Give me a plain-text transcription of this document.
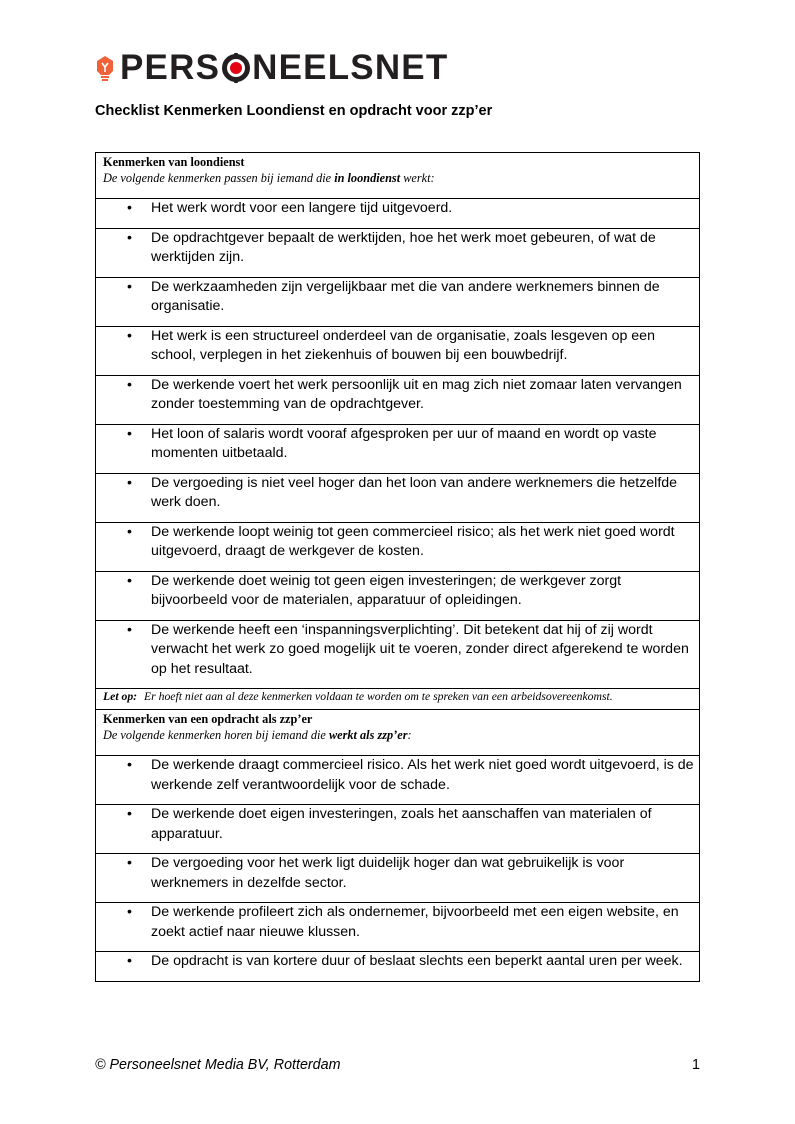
PERS NEELSNET
Checklist Kenmerken Loondienst en opdracht voor zzp’er
Kenmerken van loondienst
De volgende kenmerken passen bij iemand die in loondienst werkt:

•	Het werk wordt voor een langere tijd uitgevoerd.

•	De opdrachtgever bepaalt de werktijden, hoe het werk moet gebeuren, of wat de werktijden zijn.

•	De werkzaamheden zijn vergelijkbaar met die van andere werknemers binnen de organisatie.

•	Het werk is een structureel onderdeel van de organisatie, zoals lesgeven op een school, verplegen in het ziekenhuis of bouwen bij een bouwbedrijf.

•	De werkende voert het werk persoonlijk uit en mag zich niet zomaar laten vervangen zonder toestemming van de opdrachtgever.

•	Het loon of salaris wordt vooraf afgesproken per uur of maand en wordt op vaste momenten uitbetaald.

•	De vergoeding is niet veel hoger dan het loon van andere werknemers die hetzelfde werk doen.

•	De werkende loopt weinig tot geen commercieel risico; als het werk niet goed wordt uitgevoerd, draagt de werkgever de kosten.

•	De werkende doet weinig tot geen eigen investeringen; de werkgever zorgt bijvoorbeeld voor de materialen, apparatuur of opleidingen.

•	De werkende heeft een ‘inspanningsverplichting’. Dit betekent dat hij of zij wordt verwacht het werk zo goed mogelijk uit te voeren, zonder direct afgerekend te worden op het resultaat.

Let op: Er hoeft niet aan al deze kenmerken voldaan te worden om te spreken van een arbeidsovereenkomst.

Kenmerken van een opdracht als zzp’er
De volgende kenmerken horen bij iemand die werkt als zzp’er:

•	De werkende draagt commercieel risico. Als het werk niet goed wordt uitgevoerd, is de werkende zelf verantwoordelijk voor de schade.

•	De werkende doet eigen investeringen, zoals het aanschaffen van materialen of apparatuur.

•	De vergoeding voor het werk ligt duidelijk hoger dan wat gebruikelijk is voor werknemers in dezelfde sector.

•	De werkende profileert zich als ondernemer, bijvoorbeeld met een eigen website, en zoekt actief naar nieuwe klussen.

•	De opdracht is van kortere duur of beslaat slechts een beperkt aantal uren per week.
© Personeelsnet Media BV, Rotterdam	1
